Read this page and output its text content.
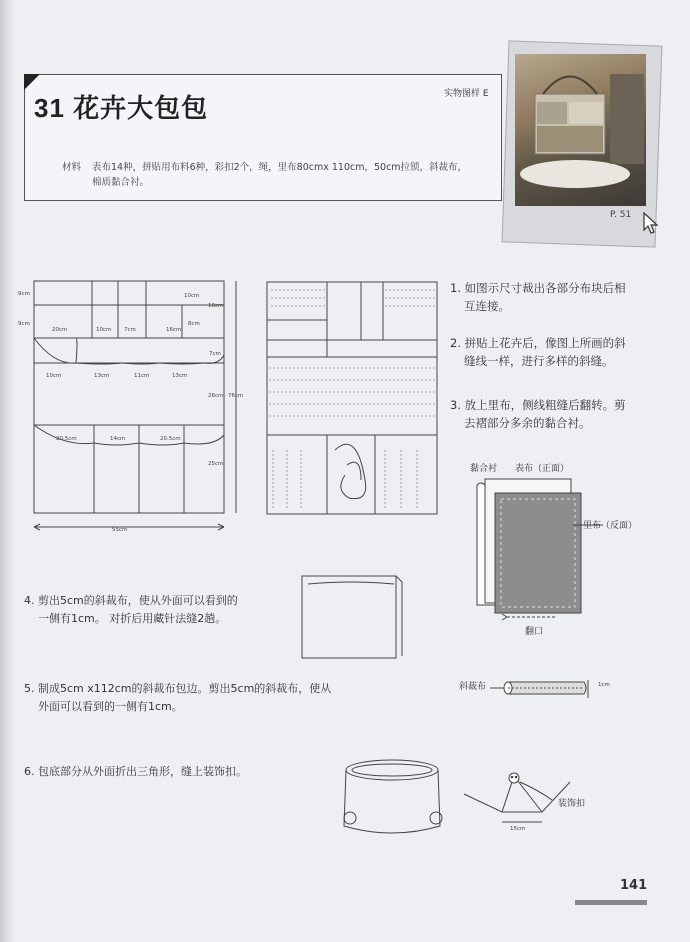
31 花卉大包包	实物图样 E
材料 表布14种，拼贴用布料6种，彩扣2个，绳，里布80cmx 110cm，50cm拉锁，斜裁布，
棉质黏合衬。
P. 51
9cm
9cm
10cm
18cm
8cm
20cm	10cm 7cm	16cm
7cm
10cm	13cm	11cm	13cm
26cm 76cm
20.5cm	14cm	20.5cm
25cm
55cm
1. 如图示尺寸裁出各部分布块后相
互连接。
2. 拼贴上花卉后，像图上所画的斜
缝线一样，进行多样的斜缝。
3. 放上里布，侧线粗缝后翻转。剪
去褶部分多余的黏合衬。
黏合衬 表布（正面）
里布（反面）
翻口
4. 剪出5cm的斜裁布，使从外面可以看到的
一侧有1cm。 对折后用藏针法缝2趟。
5. 制成5cm x112cm的斜裁布包边。剪出5cm的斜裁布，使从
外面可以看到的一侧有1cm。
斜裁布	1cm
6. 包底部分从外面折出三角形，缝上装饰扣。
装饰扣
15cm
141
